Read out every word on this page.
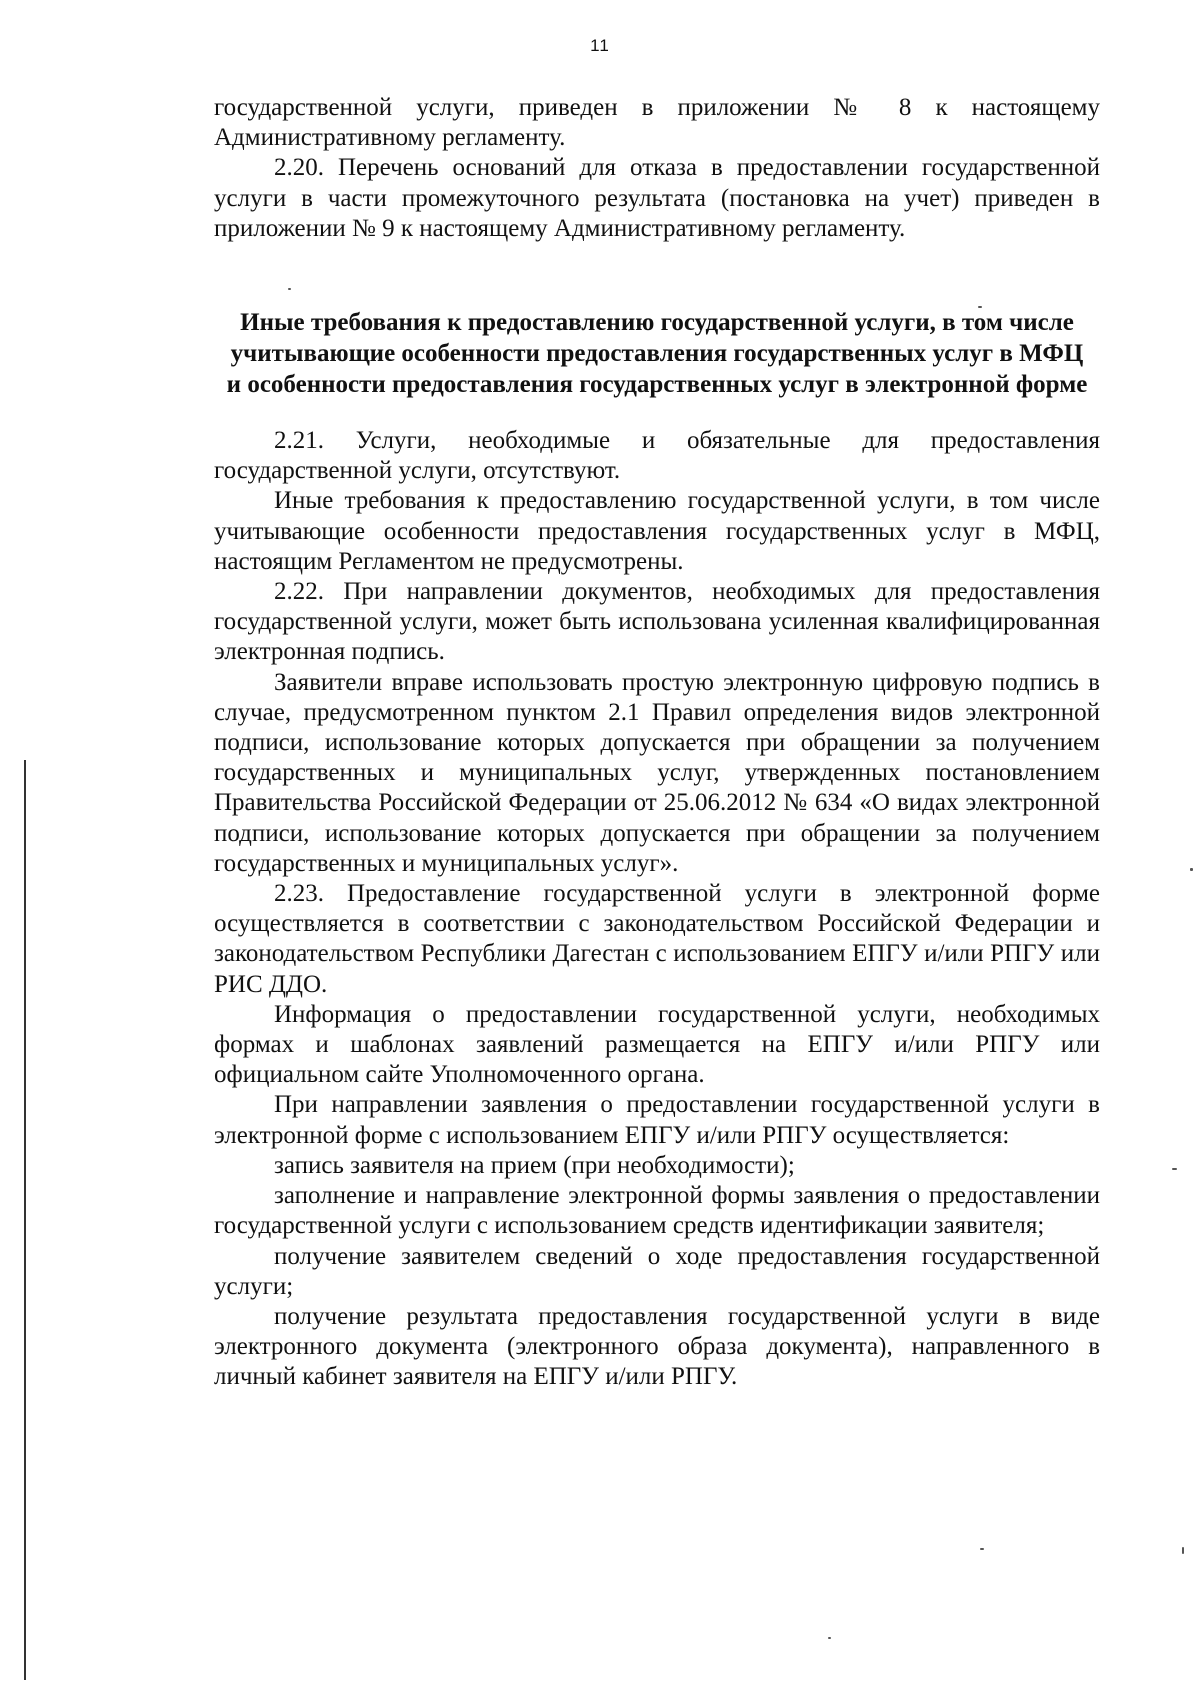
11

государственной услуги, приведен в приложении № 8 к настоящему Административному регламенту.

2.20. Перечень оснований для отказа в предоставлении государственной услуги в части промежуточного результата (постановка на учет) приведен в приложении № 9 к настоящему Административному регламенту.

Иные требования к предоставлению государственной услуги, в том числе учитывающие особенности предоставления государственных услуг в МФЦ и особенности предоставления государственных услуг в электронной форме

2.21. Услуги, необходимые и обязательные для предоставления государственной услуги, отсутствуют.

Иные требования к предоставлению государственной услуги, в том числе учитывающие особенности предоставления государственных услуг в МФЦ, настоящим Регламентом не предусмотрены.

2.22. При направлении документов, необходимых для предоставления государственной услуги, может быть использована усиленная квалифицированная электронная подпись.

Заявители вправе использовать простую электронную цифровую подпись в случае, предусмотренном пунктом 2.1 Правил определения видов электронной подписи, использование которых допускается при обращении за получением государственных и муниципальных услуг, утвержденных постановлением Правительства Российской Федерации от 25.06.2012 № 634 «О видах электронной подписи, использование которых допускается при обращении за получением государственных и муниципальных услуг».

2.23. Предоставление государственной услуги в электронной форме осуществляется в соответствии с законодательством Российской Федерации и законодательством Республики Дагестан с использованием ЕПГУ и/или РПГУ или РИС ДДО.

Информация о предоставлении государственной услуги, необходимых формах и шаблонах заявлений размещается на ЕПГУ и/или РПГУ или официальном сайте Уполномоченного органа.

При направлении заявления о предоставлении государственной услуги в электронной форме с использованием ЕПГУ и/или РПГУ осуществляется:

запись заявителя на прием (при необходимости);

заполнение и направление электронной формы заявления о предоставлении государственной услуги с использованием средств идентификации заявителя;

получение заявителем сведений о ходе предоставления государственной услуги;

получение результата предоставления государственной услуги в виде электронного документа (электронного образа документа), направленного в личный кабинет заявителя на ЕПГУ и/или РПГУ.
